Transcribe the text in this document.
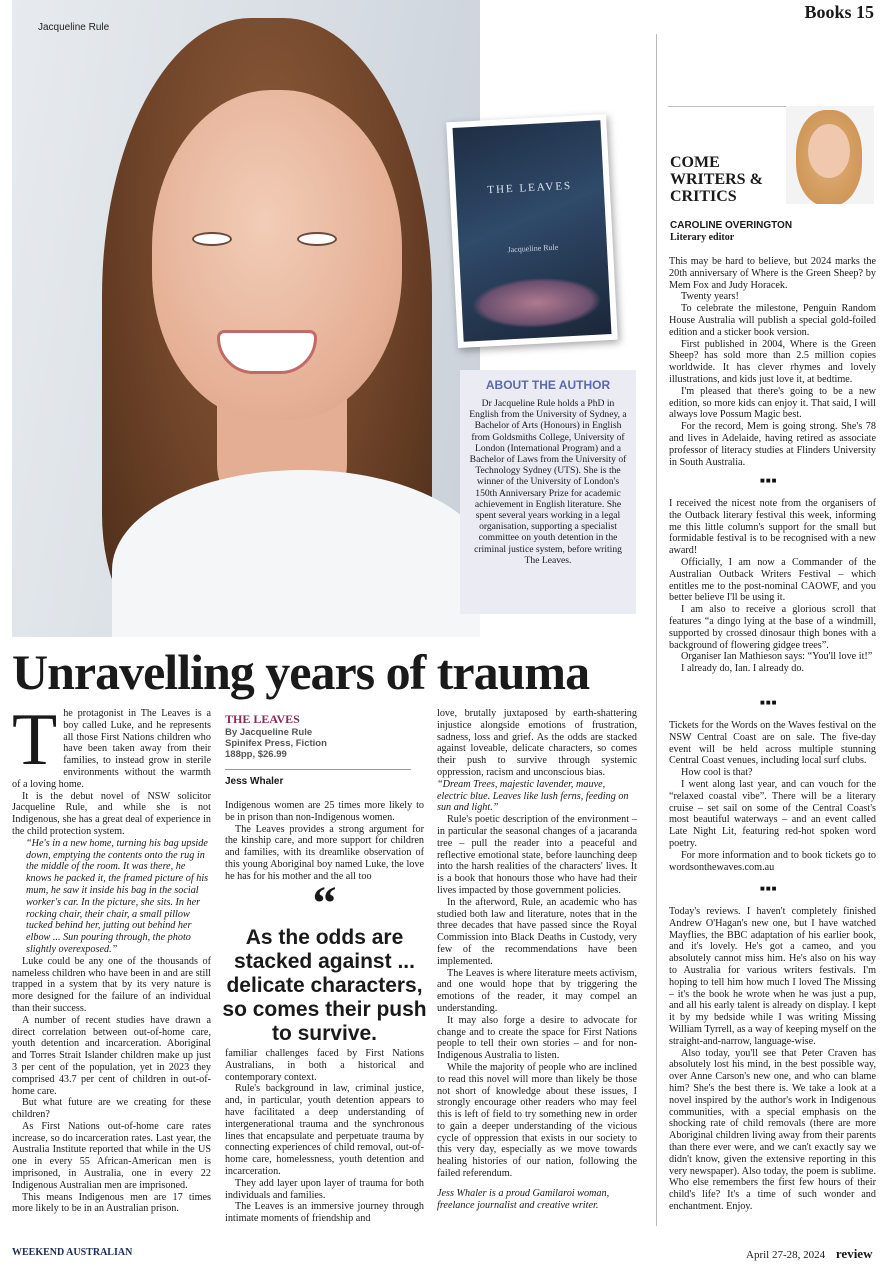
Books 15
Jacqueline Rule
THE LEAVES
Jacqueline Rule
ABOUT THE AUTHOR

Dr Jacqueline Rule holds a PhD in English from the University of Sydney, a Bachelor of Arts (Honours) in English from Goldsmiths College, University of London (International Program) and a Bachelor of Laws from the University of Technology Sydney (UTS). She is the winner of the University of London's 150th Anniversary Prize for academic achievement in English literature. She spent several years working in a legal organisation, supporting a specialist committee on youth detention in the criminal justice system, before writing The Leaves.

Unravelling years of trauma
T he protagonist in The Leaves is a boy called Luke, and he represents all those First Nations children who have been taken away from their families, to instead grow in sterile environments without the warmth of a loving home.

It is the debut novel of NSW solicitor Jacqueline Rule, and while she is not Indigenous, she has a great deal of experience in the child protection system.

“He's in a new home, turning his bag upside down, emptying the contents onto the rug in the middle of the room. It was there, he knows he packed it, the framed picture of his mum, he saw it inside his bag in the social worker's car. In the picture, she sits. In her rocking chair, their chair, a small pillow tucked behind her, jutting out behind her elbow ... Sun pouring through, the photo slightly overexposed.”

Luke could be any one of the thousands of nameless children who have been in and are still trapped in a system that by its very nature is more designed for the failure of an individual than their success.

A number of recent studies have drawn a direct correlation between out-of-home care, youth detention and incarceration. Aboriginal and Torres Strait Islander children make up just 3 per cent of the population, yet in 2023 they comprised 43.7 per cent of children in out-of-home care.

But what future are we creating for these children?

As First Nations out-of-home care rates increase, so do incarceration rates. Last year, the Australia Institute reported that while in the US one in every 55 African-American men is imprisoned, in Australia, one in every 22 Indigenous Australian men are imprisoned.

This means Indigenous men are 17 times more likely to be in an Australian prison.

THE LEAVES
By Jacqueline Rule
Spinifex Press, Fiction
188pp, $26.99
Jess Whaler

Indigenous women are 25 times more likely to be in prison than non-Indigenous women.

The Leaves provides a strong argument for the kinship care, and more support for children and families, with its dreamlike observation of this young Aboriginal boy named Luke, the love he has for his mother and the all too

“
As the odds are stacked against ... delicate characters, so comes their push to survive.

familiar challenges faced by First Nations Australians, in both a historical and contemporary context.

Rule's background in law, criminal justice, and, in particular, youth detention appears to have facilitated a deep understanding of intergenerational trauma and the synchronous lines that encapsulate and perpetuate trauma by connecting experiences of child removal, out-of-home care, homelessness, youth detention and incarceration.

They add layer upon layer of trauma for both individuals and families.

The Leaves is an immersive journey through intimate moments of friendship and

love, brutally juxtaposed by earth-shattering injustice alongside emotions of frustration, sadness, loss and grief. As the odds are stacked against loveable, delicate characters, so comes their push to survive through systemic oppression, racism and unconscious bias.

“Dream Trees, majestic lavender, mauve, electric blue. Leaves like lush ferns, feeding on sun and light.”

Rule's poetic description of the environment – in particular the seasonal changes of a jacaranda tree – pull the reader into a peaceful and reflective emotional state, before launching deep into the harsh realities of the characters' lives. It is a book that honours those who have had their lives impacted by those government policies.

In the afterword, Rule, an academic who has studied both law and literature, notes that in the three decades that have passed since the Royal Commission into Black Deaths in Custody, very few of the recommendations have been implemented.

The Leaves is where literature meets activism, and one would hope that by triggering the emotions of the reader, it may compel an understanding.

It may also forge a desire to advocate for change and to create the space for First Nations people to tell their own stories – and for non-Indigenous Australia to listen.

While the majority of people who are inclined to read this novel will more than likely be those not short of knowledge about these issues, I strongly encourage other readers who may feel this is left of field to try something new in order to gain a deeper understanding of the vicious cycle of oppression that exists in our society to this very day, especially as we move towards healing histories of our nation, following the failed referendum.

Jess Whaler is a proud Gamilaroi woman, freelance journalist and creative writer.

COME WRITERS & CRITICS
CAROLINE OVERINGTON
Literary editor

This may be hard to believe, but 2024 marks the 20th anniversary of Where is the Green Sheep? by Mem Fox and Judy Horacek.

Twenty years!

To celebrate the milestone, Penguin Random House Australia will publish a special gold-foiled edition and a sticker book version.

First published in 2004, Where is the Green Sheep? has sold more than 2.5 million copies worldwide. It has clever rhymes and lovely illustrations, and kids just love it, at bedtime.

I'm pleased that there's going to be a new edition, so more kids can enjoy it. That said, I will always love Possum Magic best.

For the record, Mem is going strong. She's 78 and lives in Adelaide, having retired as associate professor of literacy studies at Flinders University in South Australia.

■■■

I received the nicest note from the organisers of the Outback literary festival this week, informing me this little column's support for the small but formidable festival is to be recognised with a new award!

Officially, I am now a Commander of the Australian Outback Writers Festival – which entitles me to the post-nominal CAOWF, and you better believe I'll be using it.

I am also to receive a glorious scroll that features “a dingo lying at the base of a windmill, supported by crossed dinosaur thigh bones with a background of flowering gidgee trees”.

Organiser Ian Mathieson says: “You'll love it!”

I already do, Ian. I already do.

■■■

Tickets for the Words on the Waves festival on the NSW Central Coast are on sale. The five-day event will be held across multiple stunning Central Coast venues, including local surf clubs.

How cool is that?

I went along last year, and can vouch for the “relaxed coastal vibe”. There will be a literary cruise – set sail on some of the Central Coast's most beautiful waterways – and an event called Late Night Lit, featuring red-hot spoken word poetry.

For more information and to book tickets go to wordsonthewaves.com.au

■■■

Today's reviews. I haven't completely finished Andrew O'Hagan's new one, but I have watched Mayflies, the BBC adaptation of his earlier book, and it's lovely. He's got a cameo, and you absolutely cannot miss him. He's also on his way to Australia for various writers festivals. I'm hoping to tell him how much I loved The Missing – it's the book he wrote when he was just a pup, and all his early talent is already on display. I kept it by my bedside while I was writing Missing William Tyrrell, as a way of keeping myself on the straight-and-narrow, language-wise.

Also today, you'll see that Peter Craven has absolutely lost his mind, in the best possible way, over Anne Carson's new one, and who can blame him? She's the best there is. We take a look at a novel inspired by the author's work in Indigenous communities, with a special emphasis on the shocking rate of child removals (there are more Aboriginal children living away from their parents than there ever were, and we can't exactly say we didn't know, given the extensive reporting in this very newspaper). Also today, the poem is sublime. Who else remembers the first few hours of their child's life? It's a time of such wonder and enchantment. Enjoy.

WEEKEND AUSTRALIAN	April 27-28, 2024 review
